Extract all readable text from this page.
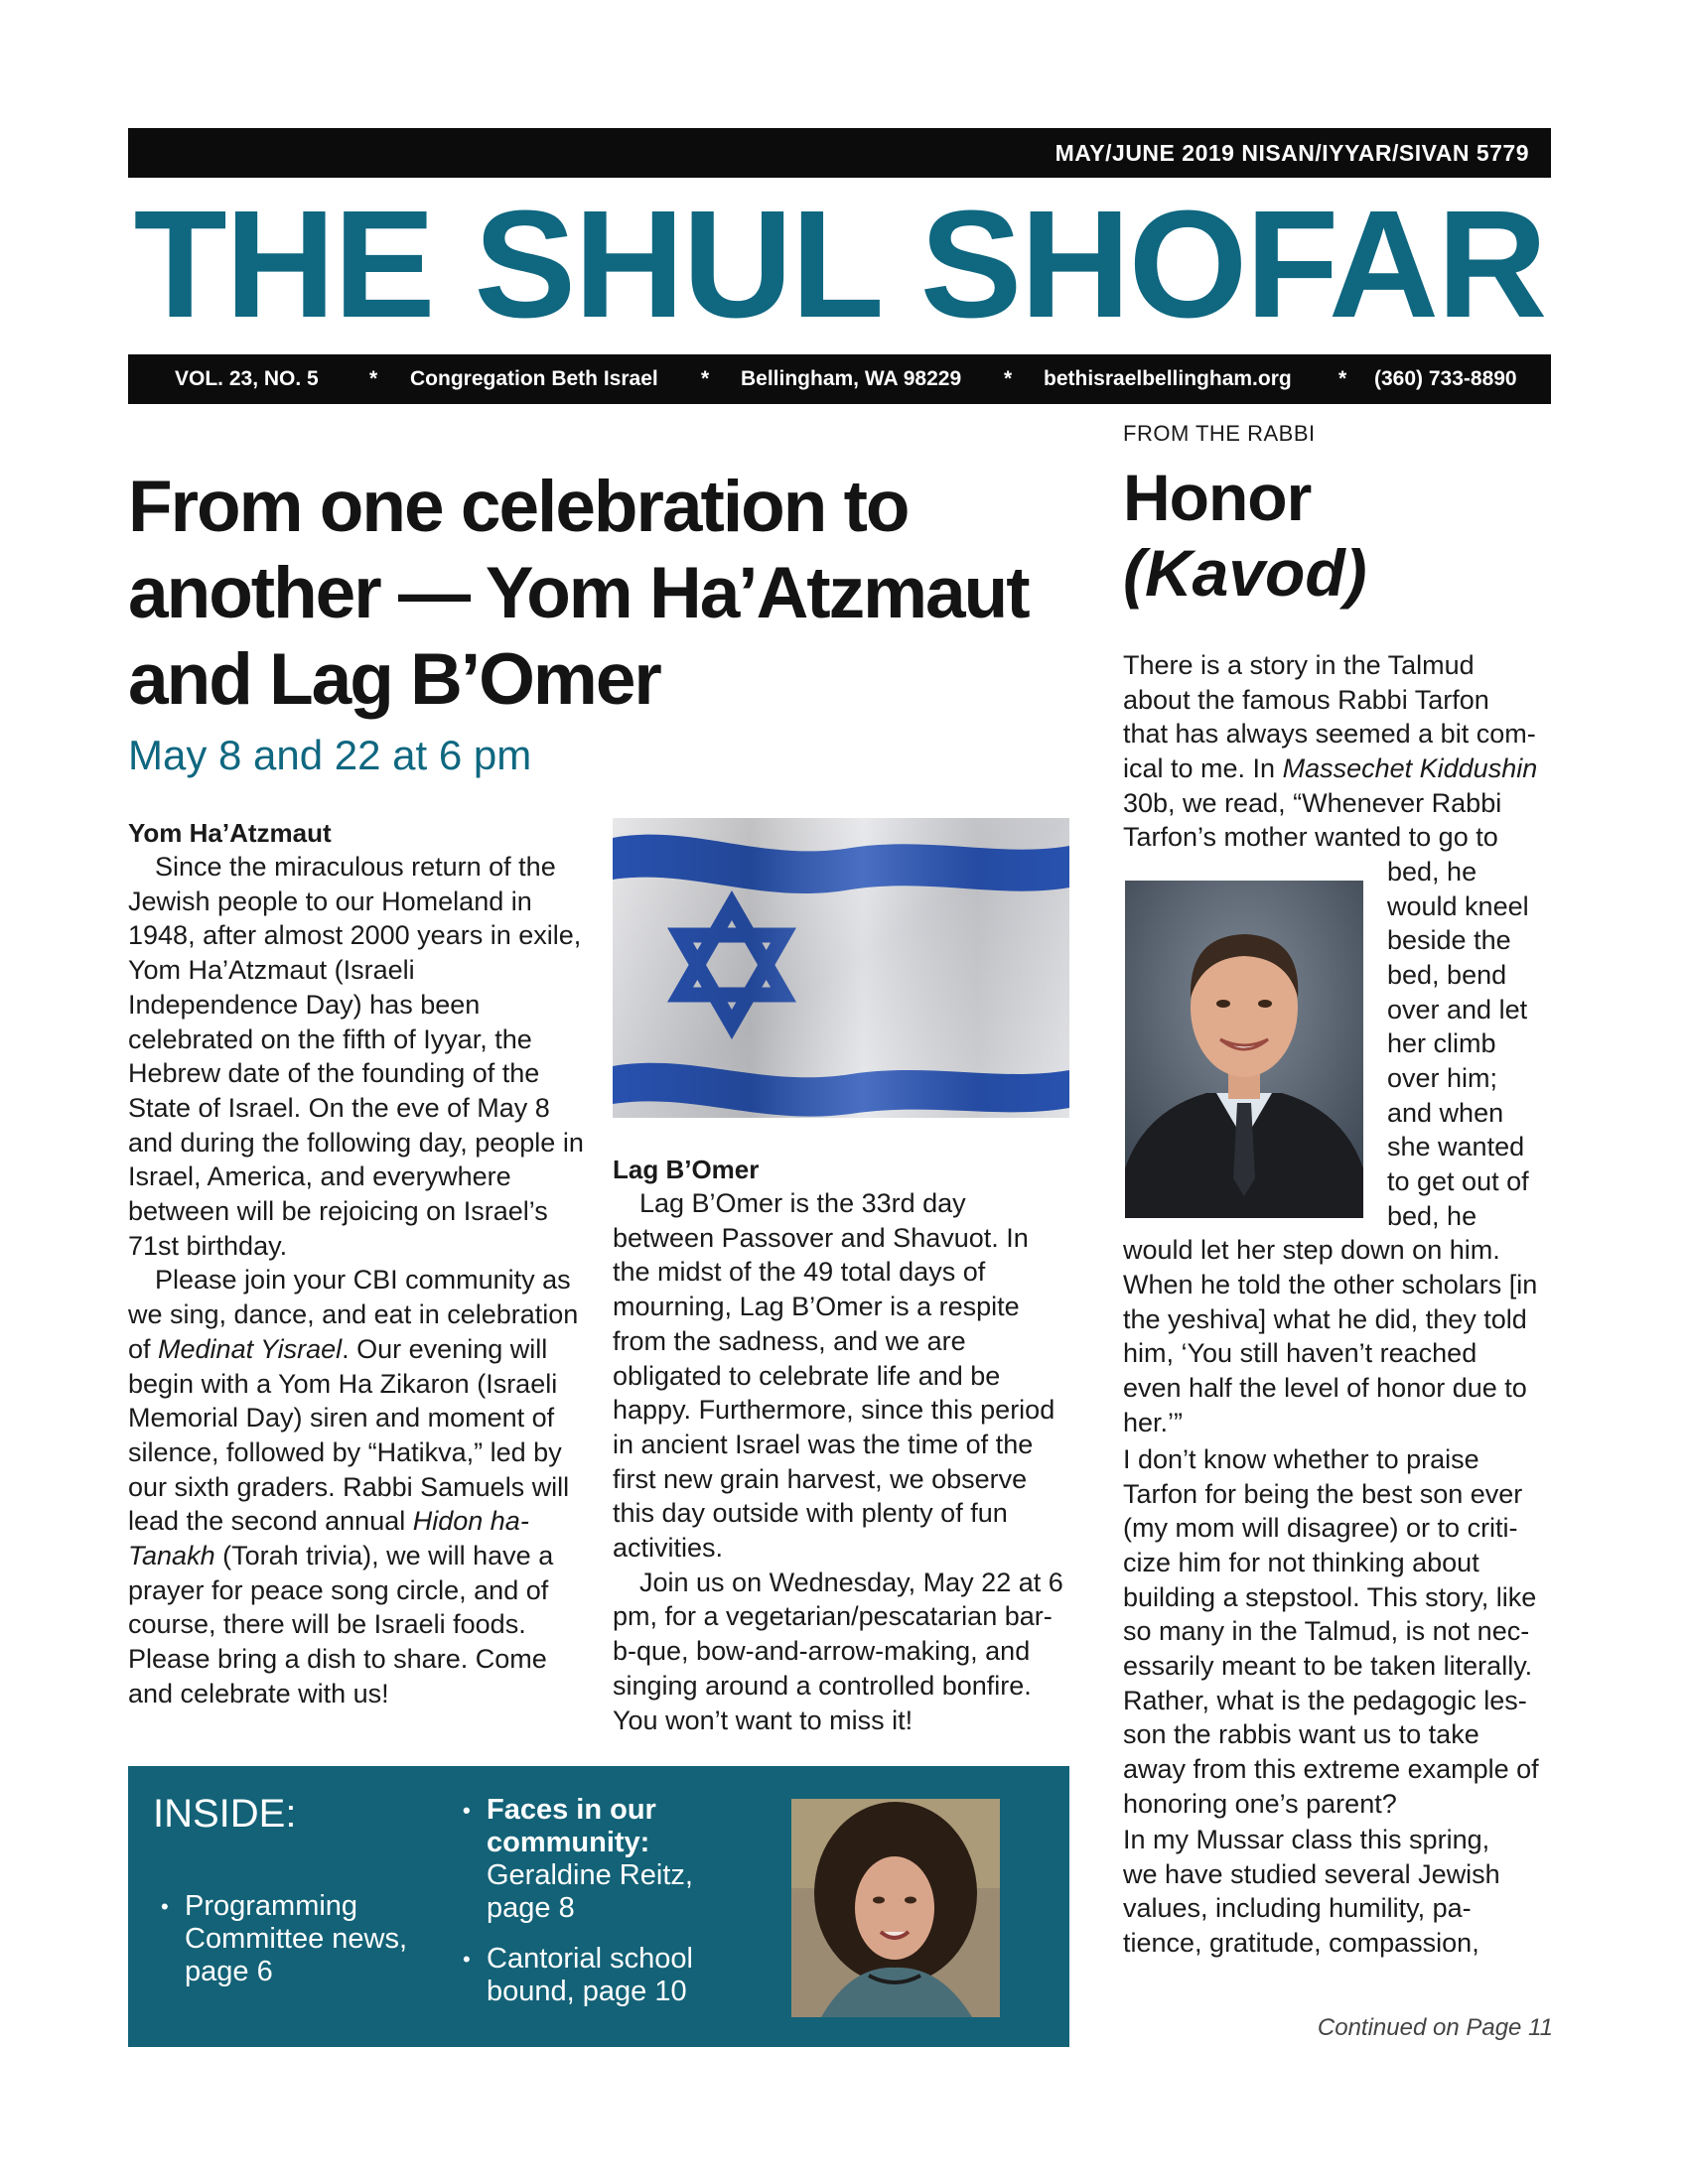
MAY/JUNE 2019 NISAN/IYYAR/SIVAN 5779
THE SHUL SHOFAR
VOL. 23, NO. 5 * Congregation Beth Israel * Bellingham, WA 98229 * bethisraelbellingham.org * (360) 733-8890
From one celebration to
another — Yom Ha’Atzmaut
and Lag B’Omer
May 8 and 22 at 6 pm
Yom Ha’Atzmaut

Since the miraculous return of the Jewish people to our Homeland in 1948, after almost 2000 years in exile, Yom Ha’Atzmaut (Israeli Independence Day) has been celebrated on the fifth of Iyyar, the Hebrew date of the founding of the State of Israel. On the eve of May 8 and during the following day, people in Israel, America, and everywhere between will be rejoicing on Israel’s 71st birthday.

Please join your CBI community as we sing, dance, and eat in celebration of Medinat Yisrael. Our evening will begin with a Yom Ha Zikaron (Israeli Memorial Day) siren and moment of silence, followed by “Hatikva,” led by our sixth graders. Rabbi Samuels will lead the second annual Hidon ha-Tanakh (Torah trivia), we will have a prayer for peace song circle, and of course, there will be Israeli foods. Please bring a dish to share. Come and celebrate with us!

Lag B’Omer

Lag B’Omer is the 33rd day between Passover and Shavuot. In the midst of the 49 total days of mourning, Lag B’Omer is a respite from the sadness, and we are obligated to celebrate life and be happy. Furthermore, since this period in ancient Israel was the time of the first new grain harvest, we observe this day outside with plenty of fun activities.

Join us on Wednesday, May 22 at 6 pm, for a vegetarian/pescatarian bar-b-que, bow-and-arrow-making, and singing around a controlled bonfire. You won’t want to miss it!

INSIDE:
• Programming
Committee news,
page 6
• Faces in our
community:
Geraldine Reitz,
page 8
• Cantorial school
bound, page 10
FROM THE RABBI
Honor
(Kavod)
There is a story in the Talmud
about the famous Rabbi Tarfon
that has always seemed a bit com-
ical to me. In Massechet Kiddushin
30b, we read, “Whenever Rabbi
Tarfon’s mother wanted to go to
bed, he
would kneel
beside the
bed, bend
over and let
her climb
over him;
and when
she wanted
to get out of
bed, he
would let her step down on him.
When he told the other scholars [in
the yeshiva] what he did, they told
him, ‘You still haven’t reached
even half the level of honor due to
her.’”
I don’t know whether to praise
Tarfon for being the best son ever
(my mom will disagree) or to criti-
cize him for not thinking about
building a stepstool. This story, like
so many in the Talmud, is not nec-
essarily meant to be taken literally.
Rather, what is the pedagogic les-
son the rabbis want us to take
away from this extreme example of
honoring one’s parent?
In my Mussar class this spring,
we have studied several Jewish
values, including humility, pa-
tience, gratitude, compassion,
Continued on Page 11
